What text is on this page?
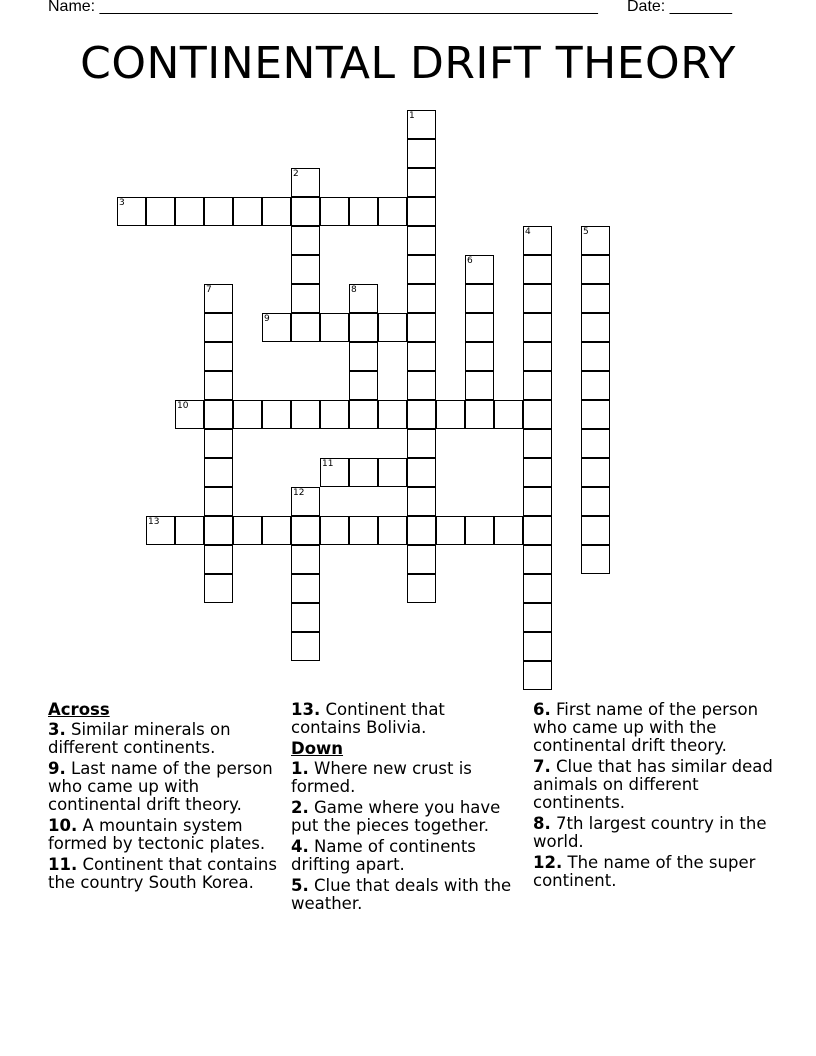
Name: ________________________________________________________ Date: _______
CONTINENTAL DRIFT THEORY
1
2
3
4	5
6
7	8
9
10
11
12
13
Across
3. Similar minerals on different continents.
9. Last name of the person who came up with continental drift theory.
10. A mountain system formed by tectonic plates.
11. Continent that contains the country South Korea.
13. Continent that contains Bolivia.
Down
1. Where new crust is formed.
2. Game where you have put the pieces together.
4. Name of continents drifting apart.
5. Clue that deals with the weather.
6. First name of the person who came up with the continental drift theory.
7. Clue that has similar dead animals on different continents.
8. 7th largest country in the world.
12. The name of the super continent.
